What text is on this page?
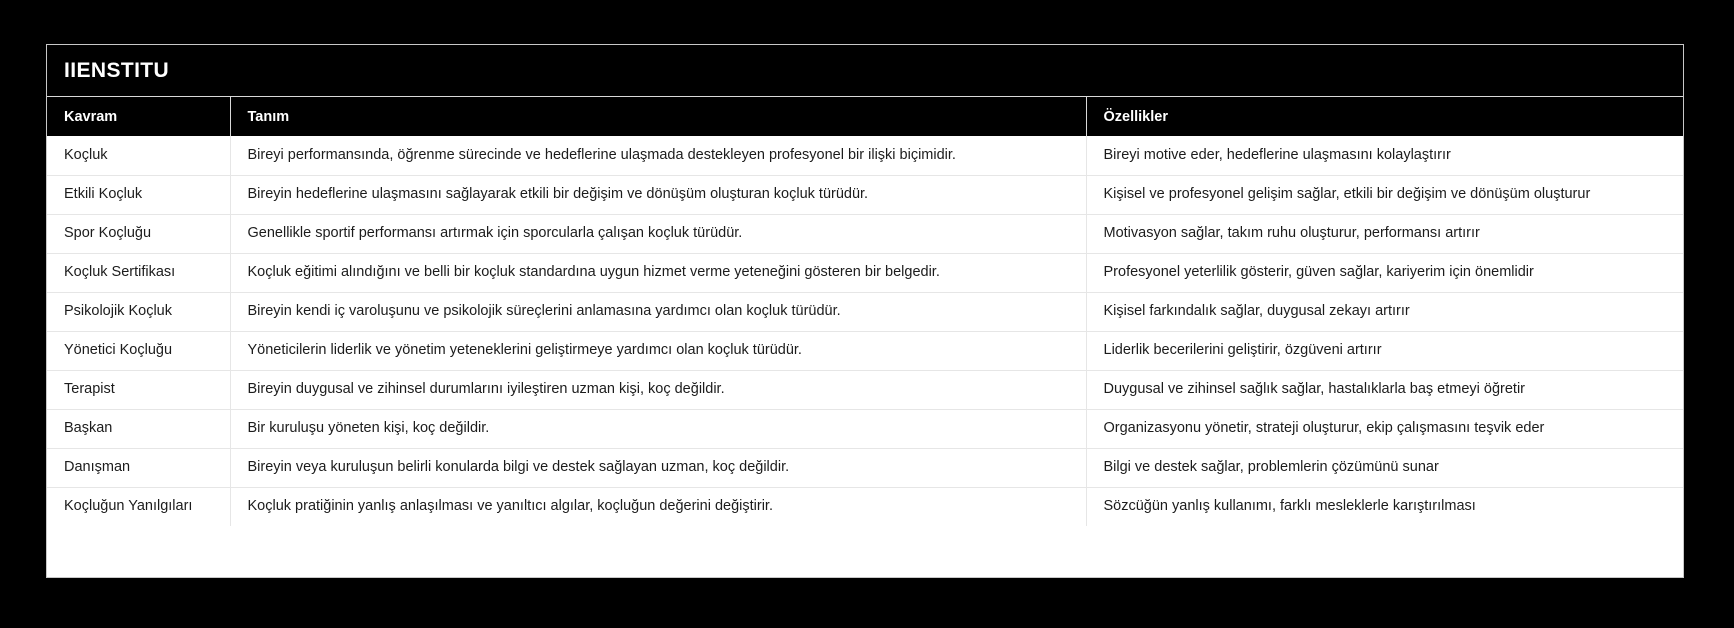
IIENSTITU
Kavram	Tanım	Özellikler
Koçluk	Bireyi performansında, öğrenme sürecinde ve hedeflerine ulaşmada destekleyen profesyonel bir ilişki biçimidir.	Bireyi motive eder, hedeflerine ulaşmasını kolaylaştırır
Etkili Koçluk	Bireyin hedeflerine ulaşmasını sağlayarak etkili bir değişim ve dönüşüm oluşturan koçluk türüdür.	Kişisel ve profesyonel gelişim sağlar, etkili bir değişim ve dönüşüm oluşturur
Spor Koçluğu	Genellikle sportif performansı artırmak için sporcularla çalışan koçluk türüdür.	Motivasyon sağlar, takım ruhu oluşturur, performansı artırır
Koçluk Sertifikası	Koçluk eğitimi alındığını ve belli bir koçluk standardına uygun hizmet verme yeteneğini gösteren bir belgedir.	Profesyonel yeterlilik gösterir, güven sağlar, kariyerim için önemlidir
Psikolojik Koçluk	Bireyin kendi iç varoluşunu ve psikolojik süreçlerini anlamasına yardımcı olan koçluk türüdür.	Kişisel farkındalık sağlar, duygusal zekayı artırır
Yönetici Koçluğu	Yöneticilerin liderlik ve yönetim yeteneklerini geliştirmeye yardımcı olan koçluk türüdür.	Liderlik becerilerini geliştirir, özgüveni artırır
Terapist	Bireyin duygusal ve zihinsel durumlarını iyileştiren uzman kişi, koç değildir.	Duygusal ve zihinsel sağlık sağlar, hastalıklarla baş etmeyi öğretir
Başkan	Bir kuruluşu yöneten kişi, koç değildir.	Organizasyonu yönetir, strateji oluşturur, ekip çalışmasını teşvik eder
Danışman	Bireyin veya kuruluşun belirli konularda bilgi ve destek sağlayan uzman, koç değildir.	Bilgi ve destek sağlar, problemlerin çözümünü sunar
Koçluğun Yanılgıları	Koçluk pratiğinin yanlış anlaşılması ve yanıltıcı algılar, koçluğun değerini değiştirir.	Sözcüğün yanlış kullanımı, farklı mesleklerle karıştırılması
